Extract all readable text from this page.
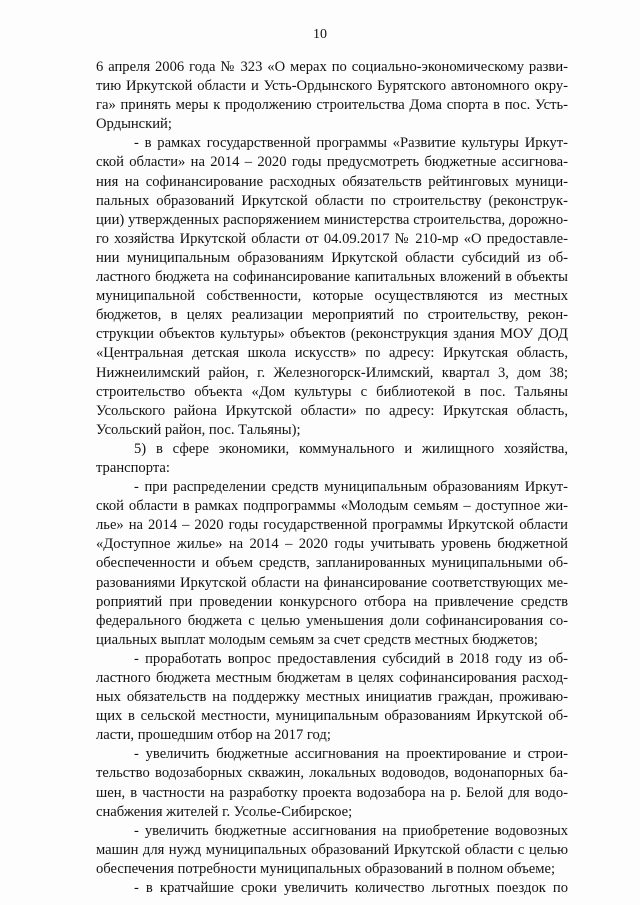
10

6 апреля 2006 года № 323 «О мерах по социально-экономическому разви-

тию Иркутской области и Усть-Ордынского Бурятского автономного окру-

га» принять меры к продолжению строительства Дома спорта в пос. Усть-

Ордынский;

- в рамках государственной программы «Развитие культуры Иркут-

ской области» на 2014 – 2020 годы предусмотреть бюджетные ассигнова-

ния на софинансирование расходных обязательств рейтинговых муници-

пальных образований Иркутской области по строительству (реконструк-

ции) утвержденных распоряжением министерства строительства, дорожно-

го хозяйства Иркутской области от 04.09.2017 № 210-мр «О предоставле-

нии муниципальным образованиям Иркутской области субсидий из об-

ластного бюджета на софинансирование капитальных вложений в объекты

муниципальной собственности, которые осуществляются из местных

бюджетов, в целях реализации мероприятий по строительству, рекон-

струкции объектов культуры» объектов (реконструкция здания МОУ ДОД

«Центральная детская школа искусств» по адресу: Иркутская область,

Нижнеилимский район, г. Железногорск-Илимский, квартал 3, дом 38;

строительство объекта «Дом культуры с библиотекой в пос. Тальяны

Усольского района Иркутской области» по адресу: Иркутская область,

Усольский район, пос. Тальяны);

5) в сфере экономики, коммунального и жилищного хозяйства,

транспорта:

- при распределении средств муниципальным образованиям Иркут-

ской области в рамках подпрограммы «Молодым семьям – доступное жи-

лье» на 2014 – 2020 годы государственной программы Иркутской области

«Доступное жилье» на 2014 – 2020 годы учитывать уровень бюджетной

обеспеченности и объем средств, запланированных муниципальными об-

разованиями Иркутской области на финансирование соответствующих ме-

роприятий при проведении конкурсного отбора на привлечение средств

федерального бюджета с целью уменьшения доли софинансирования со-

циальных выплат молодым семьям за счет средств местных бюджетов;

- проработать вопрос предоставления субсидий в 2018 году из об-

ластного бюджета местным бюджетам в целях софинансирования расход-

ных обязательств на поддержку местных инициатив граждан, проживаю-

щих в сельской местности, муниципальным образованиям Иркутской об-

ласти, прошедшим отбор на 2017 год;

- увеличить бюджетные ассигнования на проектирование и строи-

тельство водозаборных скважин, локальных водоводов, водонапорных ба-

шен, в частности на разработку проекта водозабора на р. Белой для водо-

снабжения жителей г. Усолье-Сибирское;

- увеличить бюджетные ассигнования на приобретение водовозных

машин для нужд муниципальных образований Иркутской области с целью

обеспечения потребности муниципальных образований в полном объеме;

- в кратчайшие сроки увеличить количество льготных поездок по
